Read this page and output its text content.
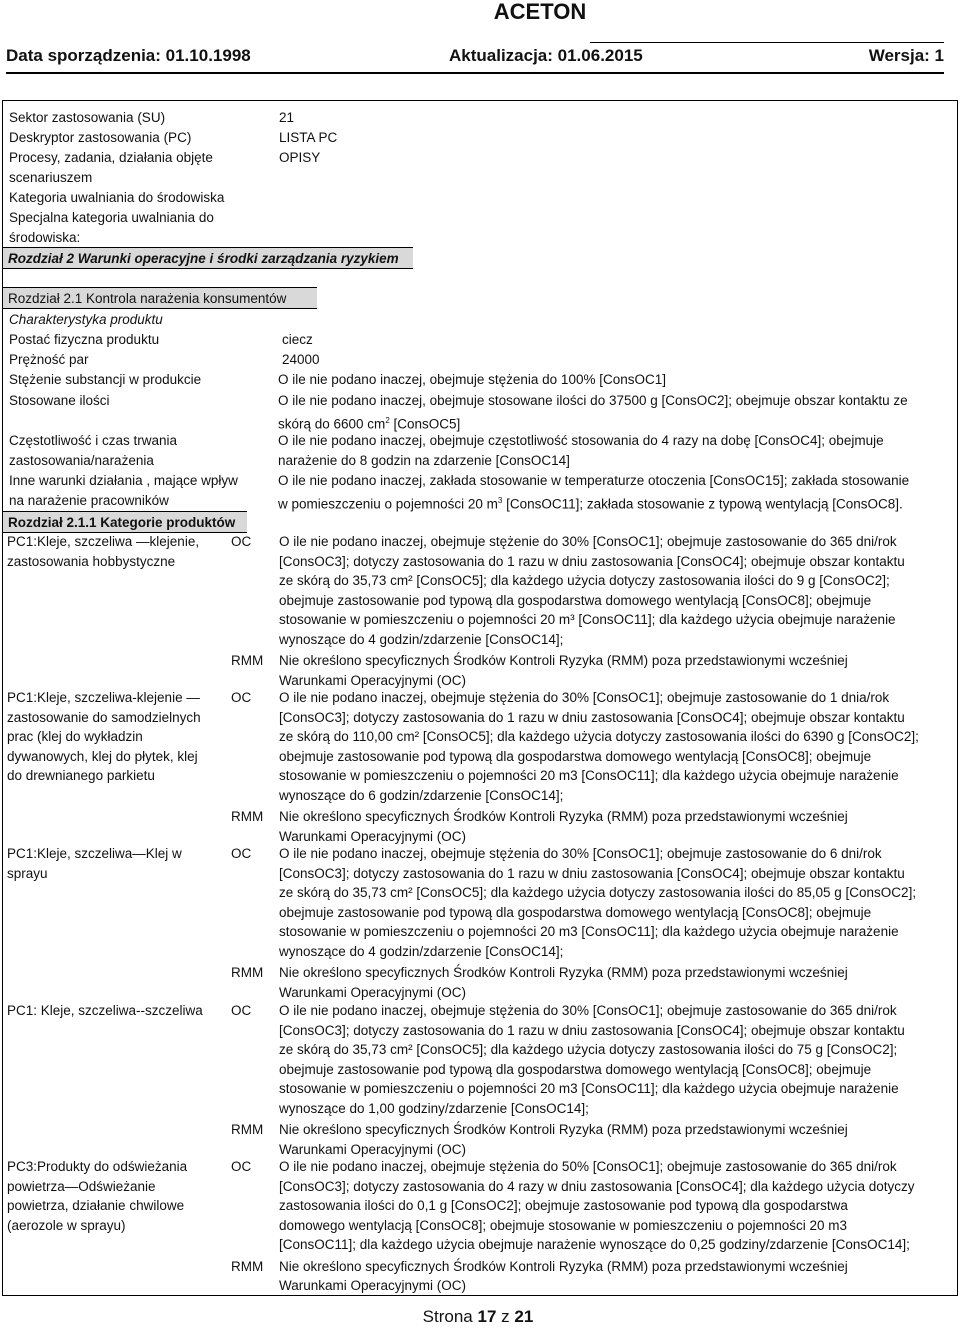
ACETON
Data sporządzenia: 01.10.1998	Aktualizacja: 01.06.2015	Wersja: 1
Sektor zastosowania (SU)	21
Deskryptor zastosowania (PC)	LISTA PC
Procesy, zadania, działania objęte	OPISY
scenariuszem
Kategoria uwalniania do środowiska
Specjalna kategoria uwalniania do
środowiska:
Rozdział 2 Warunki operacyjne i środki zarządzania ryzykiem
Rozdział 2.1 Kontrola narażenia konsumentów
Charakterystyka produktu
Postać fizyczna produktu	ciecz
Prężność par	24000
Stężenie substancji w produkcie	O ile nie podano inaczej, obejmuje stężenia do 100% [ConsOC1]
Stosowane ilości	O ile nie podano inaczej, obejmuje stosowane ilości do 37500 g [ConsOC2]; obejmuje obszar kontaktu ze
skórą do 6600 $cm^2$ [ConsOC5]
Częstotliwość i czas trwania
zastosowania/narażenia
O ile nie podano inaczej, obejmuje częstotliwość stosowania do 4 razy na dobę [ConsOC4]; obejmuje
narażenie do 8 godzin na zdarzenie [ConsOC14]
Inne warunki działania , mające wpływ
na narażenie pracowników
O ile nie podano inaczej, zakłada stosowanie w temperaturze otoczenia [ConsOC15]; zakłada stosowanie
w pomieszczeniu o pojemności 20 $m^3$ [ConsOC11]; zakłada stosowanie z typową wentylacją [ConsOC8].
Rozdział 2.1.1 Kategorie produktów
PC1:Kleje, szczeliwa —klejenie,
zastosowania hobbystyczne
OC O ile nie podano inaczej, obejmuje stężenie do 30% [ConsOC1]; obejmuje zastosowanie do 365 dni/rok
[ConsOC3]; dotyczy zastosowania do 1 razu w dniu zastosowania [ConsOC4]; obejmuje obszar kontaktu
ze skórą do 35,73 cm² [ConsOC5]; dla każdego użycia dotyczy zastosowania ilości do 9 g [ConsOC2];
obejmuje zastosowanie pod typową dla gospodarstwa domowego wentylacją [ConsOC8]; obejmuje
stosowanie w pomieszczeniu o pojemności 20 m³ [ConsOC11]; dla każdego użycia obejmuje narażenie
wynoszące do 4 godzin/zdarzenie [ConsOC14];
RMM Nie określono specyficznych Środków Kontroli Ryzyka (RMM) poza przedstawionymi wcześniej
Warunkami Operacyjnymi (OC)
PC1:Kleje, szczeliwa-klejenie —
zastosowanie do samodzielnych
prac (klej do wykładzin
dywanowych, klej do płytek, klej
do drewnianego parkietu
OC O ile nie podano inaczej, obejmuje stężenia do 30% [ConsOC1]; obejmuje zastosowanie do 1 dnia/rok
[ConsOC3]; dotyczy zastosowania do 1 razu w dniu zastosowania [ConsOC4]; obejmuje obszar kontaktu
ze skórą do 110,00 cm² [ConsOC5]; dla każdego użycia dotyczy zastosowania ilości do 6390 g [ConsOC2];
obejmuje zastosowanie pod typową dla gospodarstwa domowego wentylacją [ConsOC8]; obejmuje
stosowanie w pomieszczeniu o pojemności 20 m3 [ConsOC11]; dla każdego użycia obejmuje narażenie
wynoszące do 6 godzin/zdarzenie [ConsOC14];
RMM Nie określono specyficznych Środków Kontroli Ryzyka (RMM) poza przedstawionymi wcześniej
Warunkami Operacyjnymi (OC)
PC1:Kleje, szczeliwa—Klej w
sprayu
OC O ile nie podano inaczej, obejmuje stężenia do 30% [ConsOC1]; obejmuje zastosowanie do 6 dni/rok
[ConsOC3]; dotyczy zastosowania do 1 razu w dniu zastosowania [ConsOC4]; obejmuje obszar kontaktu
ze skórą do 35,73 cm² [ConsOC5]; dla każdego użycia dotyczy zastosowania ilości do 85,05 g [ConsOC2];
obejmuje zastosowanie pod typową dla gospodarstwa domowego wentylacją [ConsOC8]; obejmuje
stosowanie w pomieszczeniu o pojemności 20 m3 [ConsOC11]; dla każdego użycia obejmuje narażenie
wynoszące do 4 godzin/zdarzenie [ConsOC14];
RMM Nie określono specyficznych Środków Kontroli Ryzyka (RMM) poza przedstawionymi wcześniej
Warunkami Operacyjnymi (OC)
PC1: Kleje, szczeliwa--szczeliwa	OC O ile nie podano inaczej, obejmuje stężenia do 30% [ConsOC1]; obejmuje zastosowanie do 365 dni/rok
[ConsOC3]; dotyczy zastosowania do 1 razu w dniu zastosowania [ConsOC4]; obejmuje obszar kontaktu
ze skórą do 35,73 cm² [ConsOC5]; dla każdego użycia dotyczy zastosowania ilości do 75 g [ConsOC2];
obejmuje zastosowanie pod typową dla gospodarstwa domowego wentylacją [ConsOC8]; obejmuje
stosowanie w pomieszczeniu o pojemności 20 m3 [ConsOC11]; dla każdego użycia obejmuje narażenie
wynoszące do 1,00 godziny/zdarzenie [ConsOC14];
RMM Nie określono specyficznych Środków Kontroli Ryzyka (RMM) poza przedstawionymi wcześniej
Warunkami Operacyjnymi (OC)
PC3:Produkty do odświeżania
powietrza—Odświeżanie
powietrza, działanie chwilowe
(aerozole w sprayu)
OC O ile nie podano inaczej, obejmuje stężenia do 50% [ConsOC1]; obejmuje zastosowanie do 365 dni/rok
[ConsOC3]; dotyczy zastosowania do 4 razy w dniu zastosowania [ConsOC4]; dla każdego użycia dotyczy
zastosowania ilości do 0,1 g [ConsOC2]; obejmuje zastosowanie pod typową dla gospodarstwa
domowego wentylacją [ConsOC8]; obejmuje stosowanie w pomieszczeniu o pojemności 20 m3
[ConsOC11]; dla każdego użycia obejmuje narażenie wynoszące do 0,25 godziny/zdarzenie [ConsOC14];
RMM Nie określono specyficznych Środków Kontroli Ryzyka (RMM) poza przedstawionymi wcześniej
Warunkami Operacyjnymi (OC)
Strona 17 z 21
